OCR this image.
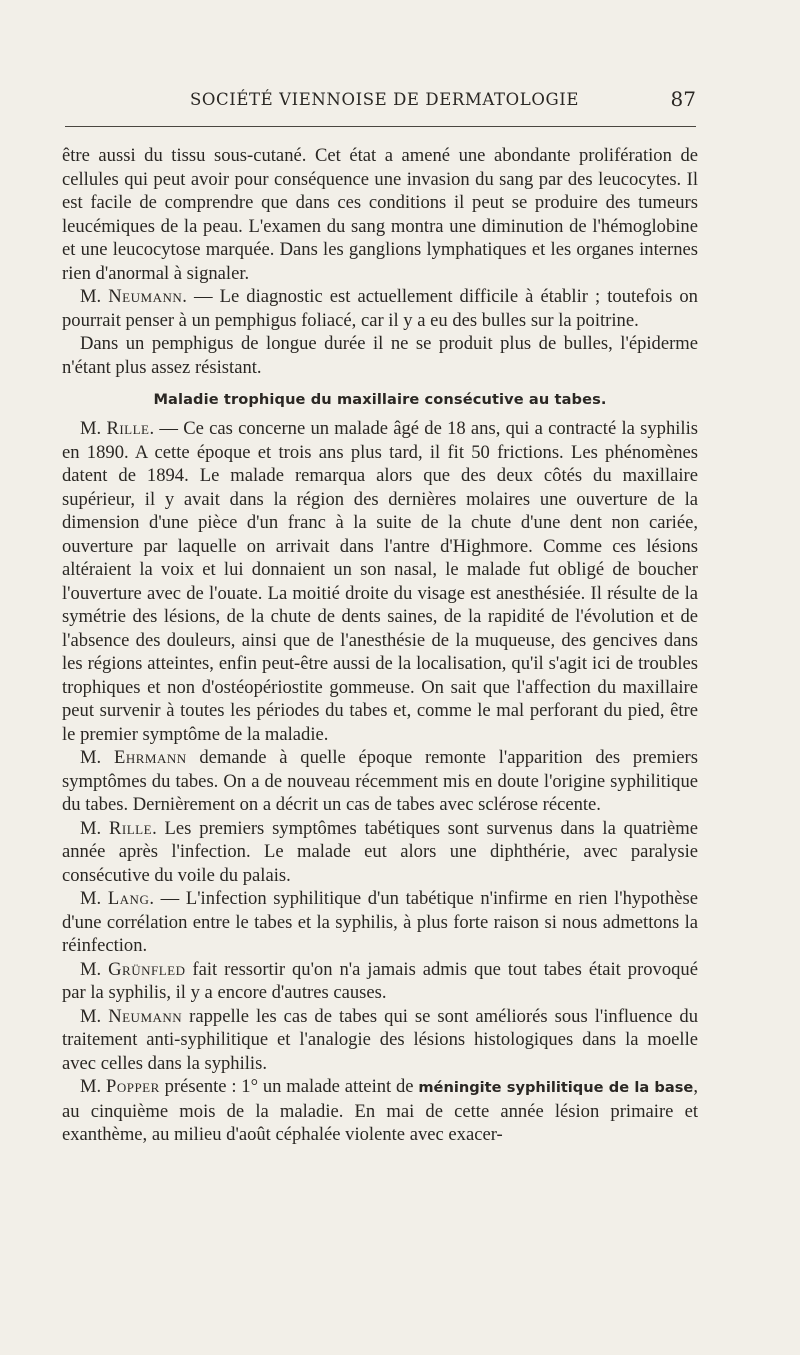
SOCIÉTÉ VIENNOISE DE DERMATOLOGIE	87

être aussi du tissu sous-cutané. Cet état a amené une abondante prolifération de cellules qui peut avoir pour conséquence une invasion du sang par des leucocytes. Il est facile de comprendre que dans ces conditions il peut se produire des tumeurs leucémiques de la peau. L'examen du sang montra une diminution de l'hémoglobine et une leucocytose marquée. Dans les ganglions lymphatiques et les organes internes rien d'anormal à signaler.

M. Neumann. — Le diagnostic est actuellement difficile à établir ; toutefois on pourrait penser à un pemphigus foliacé, car il y a eu des bulles sur la poitrine.

Dans un pemphigus de longue durée il ne se produit plus de bulles, l'épiderme n'étant plus assez résistant.

Maladie trophique du maxillaire consécutive au tabes.

M. Rille. — Ce cas concerne un malade âgé de 18 ans, qui a contracté la syphilis en 1890. A cette époque et trois ans plus tard, il fit 50 frictions. Les phénomènes datent de 1894. Le malade remarqua alors que des deux côtés du maxillaire supérieur, il y avait dans la région des dernières molaires une ouverture de la dimension d'une pièce d'un franc à la suite de la chute d'une dent non cariée, ouverture par laquelle on arrivait dans l'antre d'Highmore. Comme ces lésions altéraient la voix et lui donnaient un son nasal, le malade fut obligé de boucher l'ouverture avec de l'ouate. La moitié droite du visage est anesthésiée. Il résulte de la symétrie des lésions, de la chute de dents saines, de la rapidité de l'évolution et de l'absence des douleurs, ainsi que de l'anesthésie de la muqueuse, des gencives dans les régions atteintes, enfin peut-être aussi de la localisation, qu'il s'agit ici de troubles trophiques et non d'ostéopériostite gommeuse. On sait que l'affection du maxillaire peut survenir à toutes les périodes du tabes et, comme le mal perforant du pied, être le premier symptôme de la maladie.

M. Ehrmann demande à quelle époque remonte l'apparition des premiers symptômes du tabes. On a de nouveau récemment mis en doute l'origine syphilitique du tabes. Dernièrement on a décrit un cas de tabes avec sclérose récente.

M. Rille. Les premiers symptômes tabétiques sont survenus dans la quatrième année après l'infection. Le malade eut alors une diphthérie, avec paralysie consécutive du voile du palais.

M. Lang. — L'infection syphilitique d'un tabétique n'infirme en rien l'hypothèse d'une corrélation entre le tabes et la syphilis, à plus forte raison si nous admettons la réinfection.

M. Grünfled fait ressortir qu'on n'a jamais admis que tout tabes était provoqué par la syphilis, il y a encore d'autres causes.

M. Neumann rappelle les cas de tabes qui se sont améliorés sous l'influence du traitement anti-syphilitique et l'analogie des lésions histologiques dans la moelle avec celles dans la syphilis.

M. Popper présente : 1° un malade atteint de méningite syphilitique de la base, au cinquième mois de la maladie. En mai de cette année lésion primaire et exanthème, au milieu d'août céphalée violente avec exacer-
